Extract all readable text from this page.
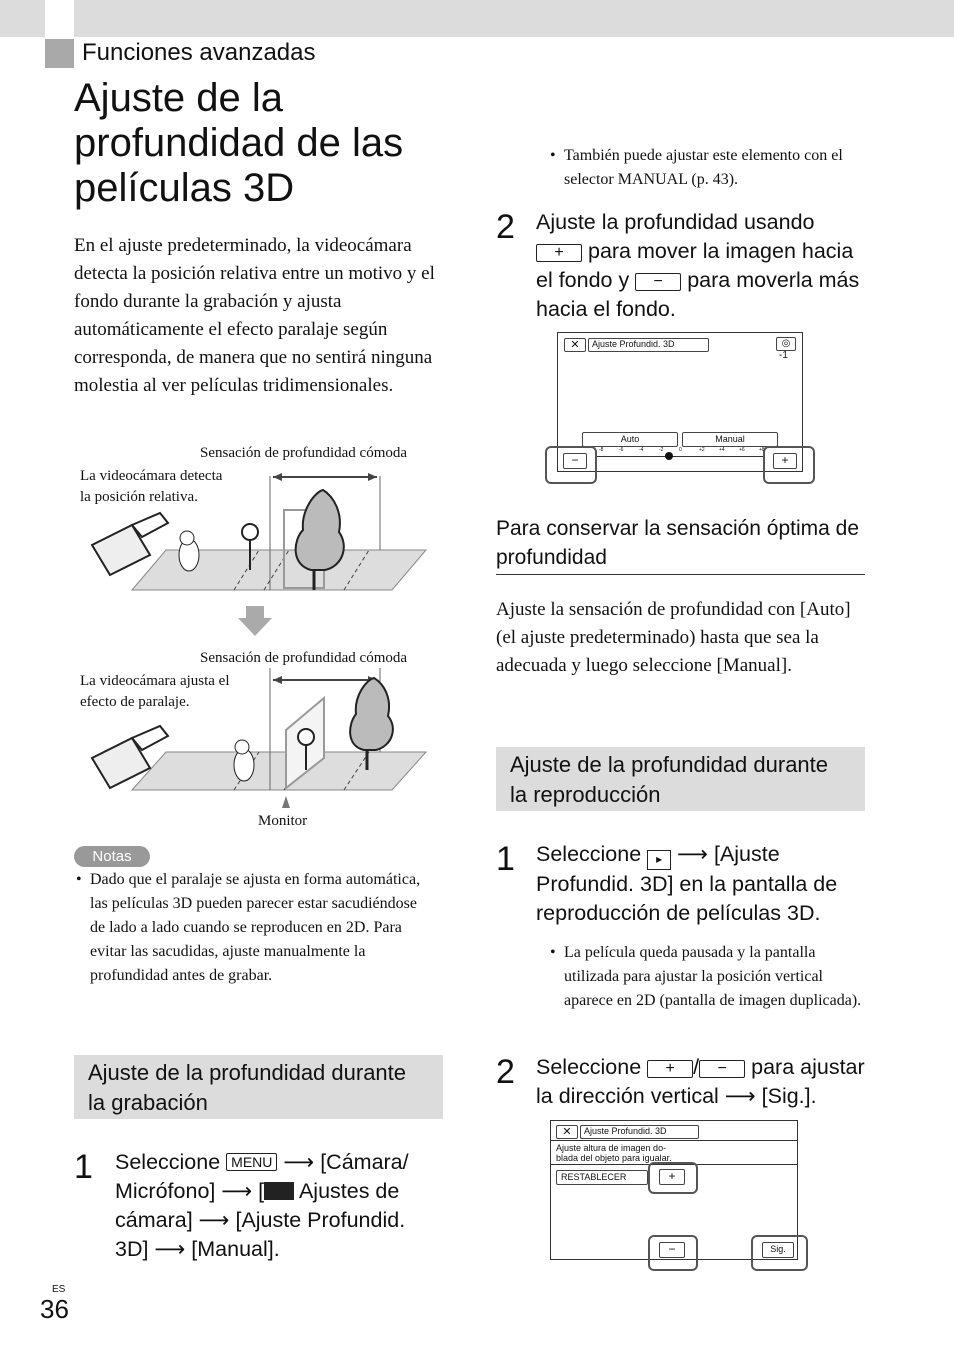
Funciones avanzadas
Ajuste de la profundidad de las películas 3D
En el ajuste predeterminado, la videocámara detecta la posición relativa entre un motivo y el fondo durante la grabación y ajusta automáticamente el efecto paralaje según corresponda, de manera que no sentirá ninguna molestia al ver películas tridimensionales.
Sensación de profundidad cómoda
La videocámara detecta
la posición relativa.
Sensación de profundidad cómoda
La videocámara ajusta el
efecto de paralaje.
Monitor
Notas
• Dado que el paralaje se ajusta en forma automática, las películas 3D pueden parecer estar sacudiéndose de lado a lado cuando se reproducen en 2D. Para evitar las sacudidas, ajuste manualmente la profundidad antes de grabar.
Ajuste de la profundidad durante la grabación
1 Seleccione MENU ⟶ [Cámara/ Micrófono] ⟶ [ Ajustes de cámara] ⟶ [Ajuste Profundid. 3D] ⟶ [Manual].
• También puede ajustar este elemento con el selector MANUAL (p. 43).
2 Ajuste la profundidad usando + para mover la imagen hacia el fondo y − para moverla más hacia el fondo.
✕	Ajuste Profundid. 3D	◎
-1
Auto	Manual
−	+
-8	-6	-4	-2	0	+2	+4	+6	+8
Para conservar la sensación óptima de profundidad
Ajuste la sensación de profundidad con [Auto] (el ajuste predeterminado) hasta que sea la adecuada y luego seleccione [Manual].
Ajuste de la profundidad durante la reproducción
1 Seleccione ▸ ⟶ [Ajuste Profundid. 3D] en la pantalla de reproducción de películas 3D.
• La película queda pausada y la pantalla utilizada para ajustar la posición vertical aparece en 2D (pantalla de imagen duplicada).
2 Seleccione + / − para ajustar la dirección vertical ⟶ [Sig.].
✕	Ajuste Profundid. 3D
Ajuste altura de imagen do-
blada del objeto para igualar.
RESTABLECER	+
−	Sig.
ES
36
